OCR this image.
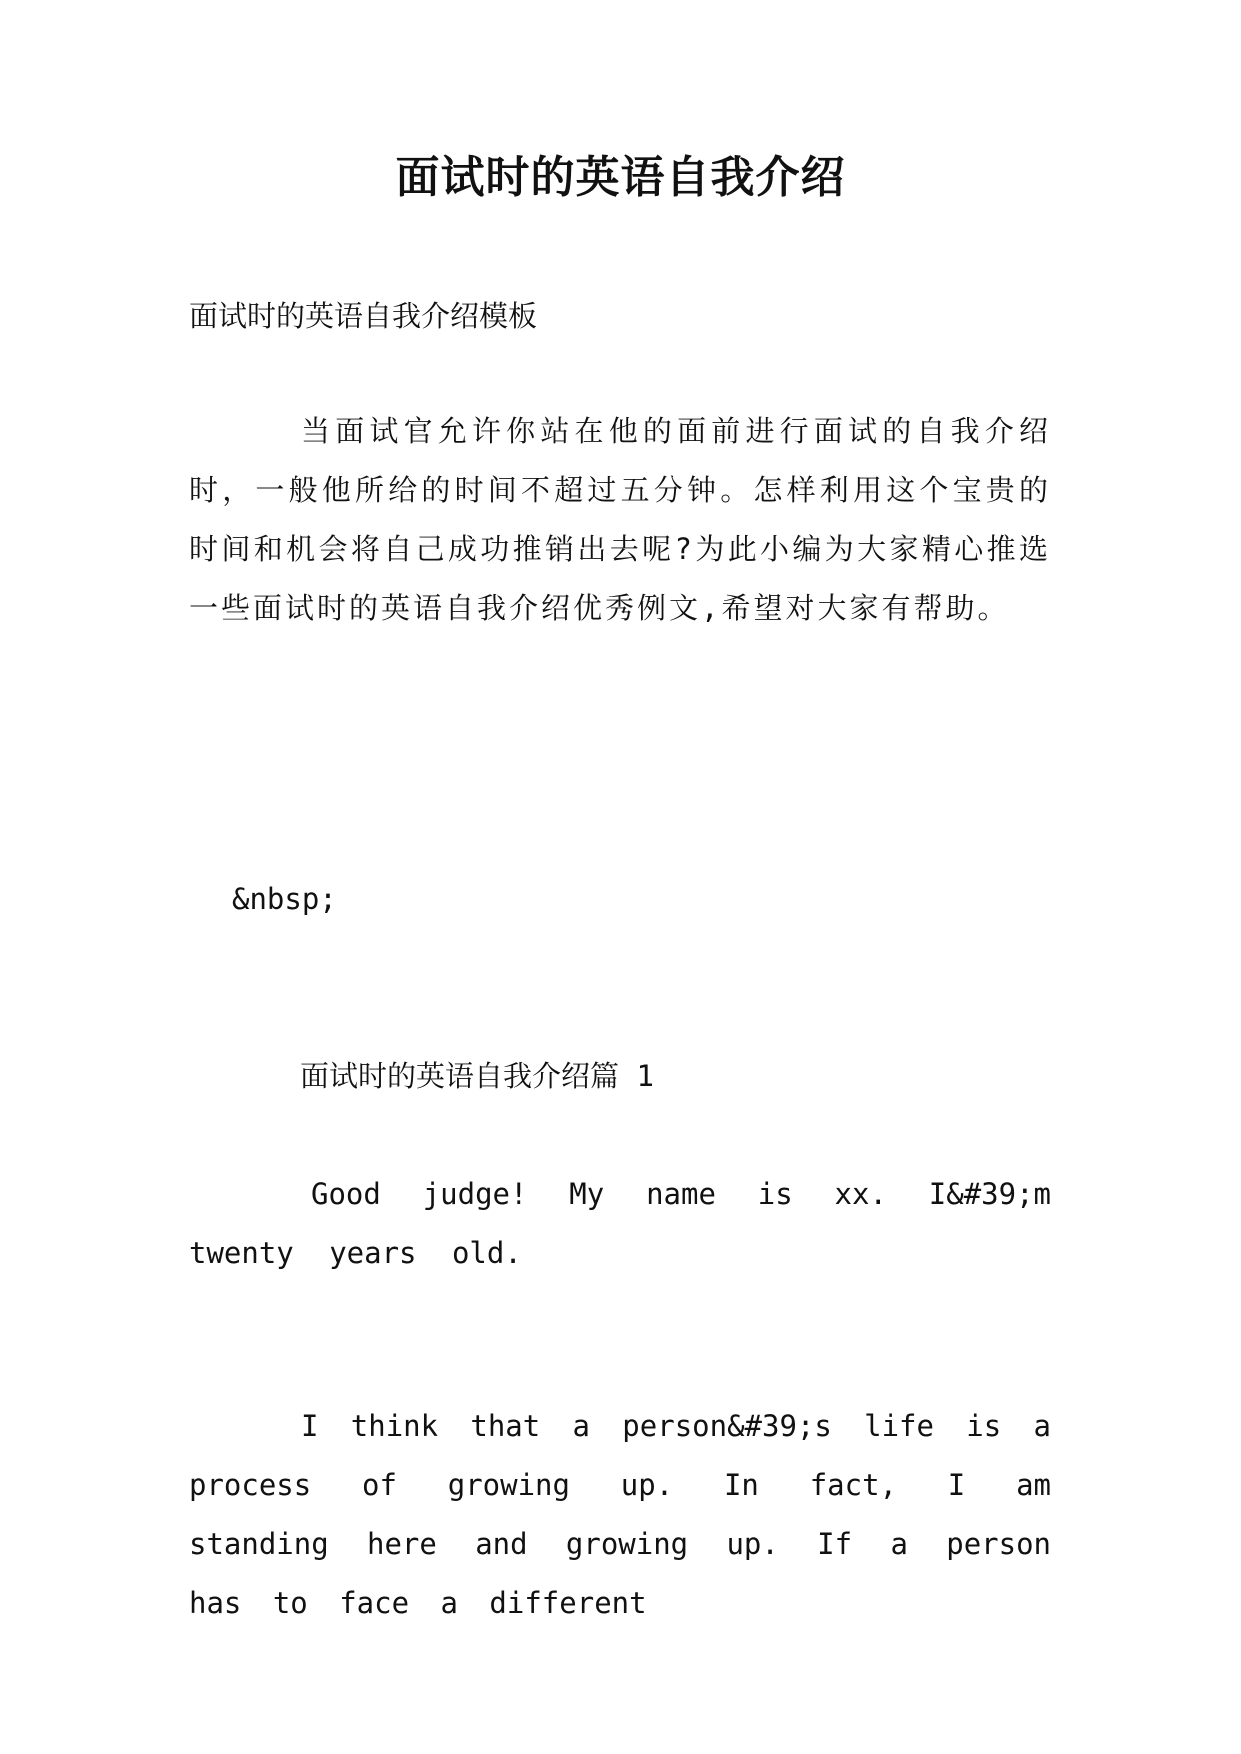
面试时的英语自我介绍

面试时的英语自我介绍模板

当面试官允许你站在他的面前进行面试的自我介绍时，一般他所给的时间不超过五分钟。怎样利用这个宝贵的时间和机会将自己成功推销出去呢?为此小编为大家精心推选一些面试时的英语自我介绍优秀例文,希望对大家有帮助。

&nbsp;

面试时的英语自我介绍篇 1

Good judge! My name is xx. I&#39;m twenty years old.

I think that a person&#39;s life is a process of growing up. In fact, I am standing here and growing up. If a person has to face a different
